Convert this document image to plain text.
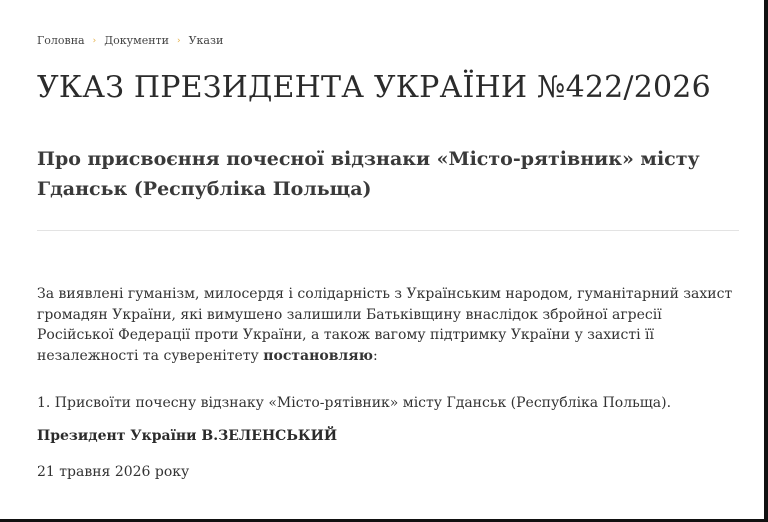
Головна › Документи › Укази
УКАЗ ПРЕЗИДЕНТА УКРАЇНИ №422/2026
Про присвоєння почесної відзнаки «Місто-рятівник» місту Гданськ (Республіка Польща)

За виявлені гуманізм, милосердя і солідарність з Українським народом, гуманітарний захист громадян України, які вимушено залишили Батьківщину внаслідок збройної агресії Російської Федерації проти України, а також вагому підтримку України у захисті її незалежності та суверенітету постановляю:

1. Присвоїти почесну відзнаку «Місто-рятівник» місту Гданськ (Республіка Польща).

Президент України В.ЗЕЛЕНСЬКИЙ

21 травня 2026 року
